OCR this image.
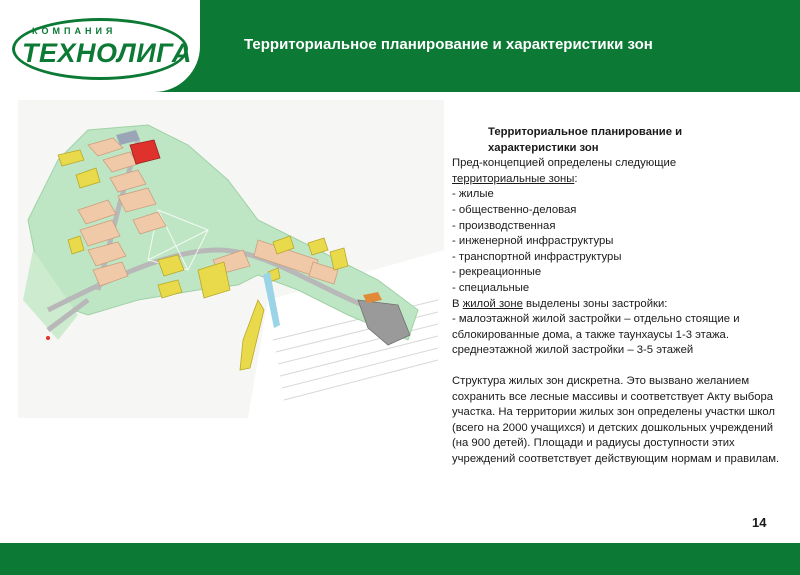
КОМПАНИЯ
ТЕХНОЛИГА	Территориальное планирование и характеристики зон
Территориальное планирование и
характеристики зон
Пред-концепцией определены следующие
территориальные зоны:
- жилые
- общественно-деловая
- производственная
- инженерной инфраструктуры
- транспортной инфраструктуры
- рекреационные
- специальные
В жилой зоне выделены зоны застройки:
- малоэтажной жилой застройки – отдельно стоящие и сблокированные дома, а также таунхаусы 1-3 этажа.
среднеэтажной жилой застройки – 3-5 этажей
Структура жилых зон дискретна. Это вызвано желанием сохранить все лесные массивы и соответствует Акту выбора участка. На территории жилых зон определены участки школ (всего на 2000 учащихся) и детских дошкольных учреждений (на 900 детей). Площади и радиусы доступности этих учреждений соответствует действующим нормам и правилам.
14
